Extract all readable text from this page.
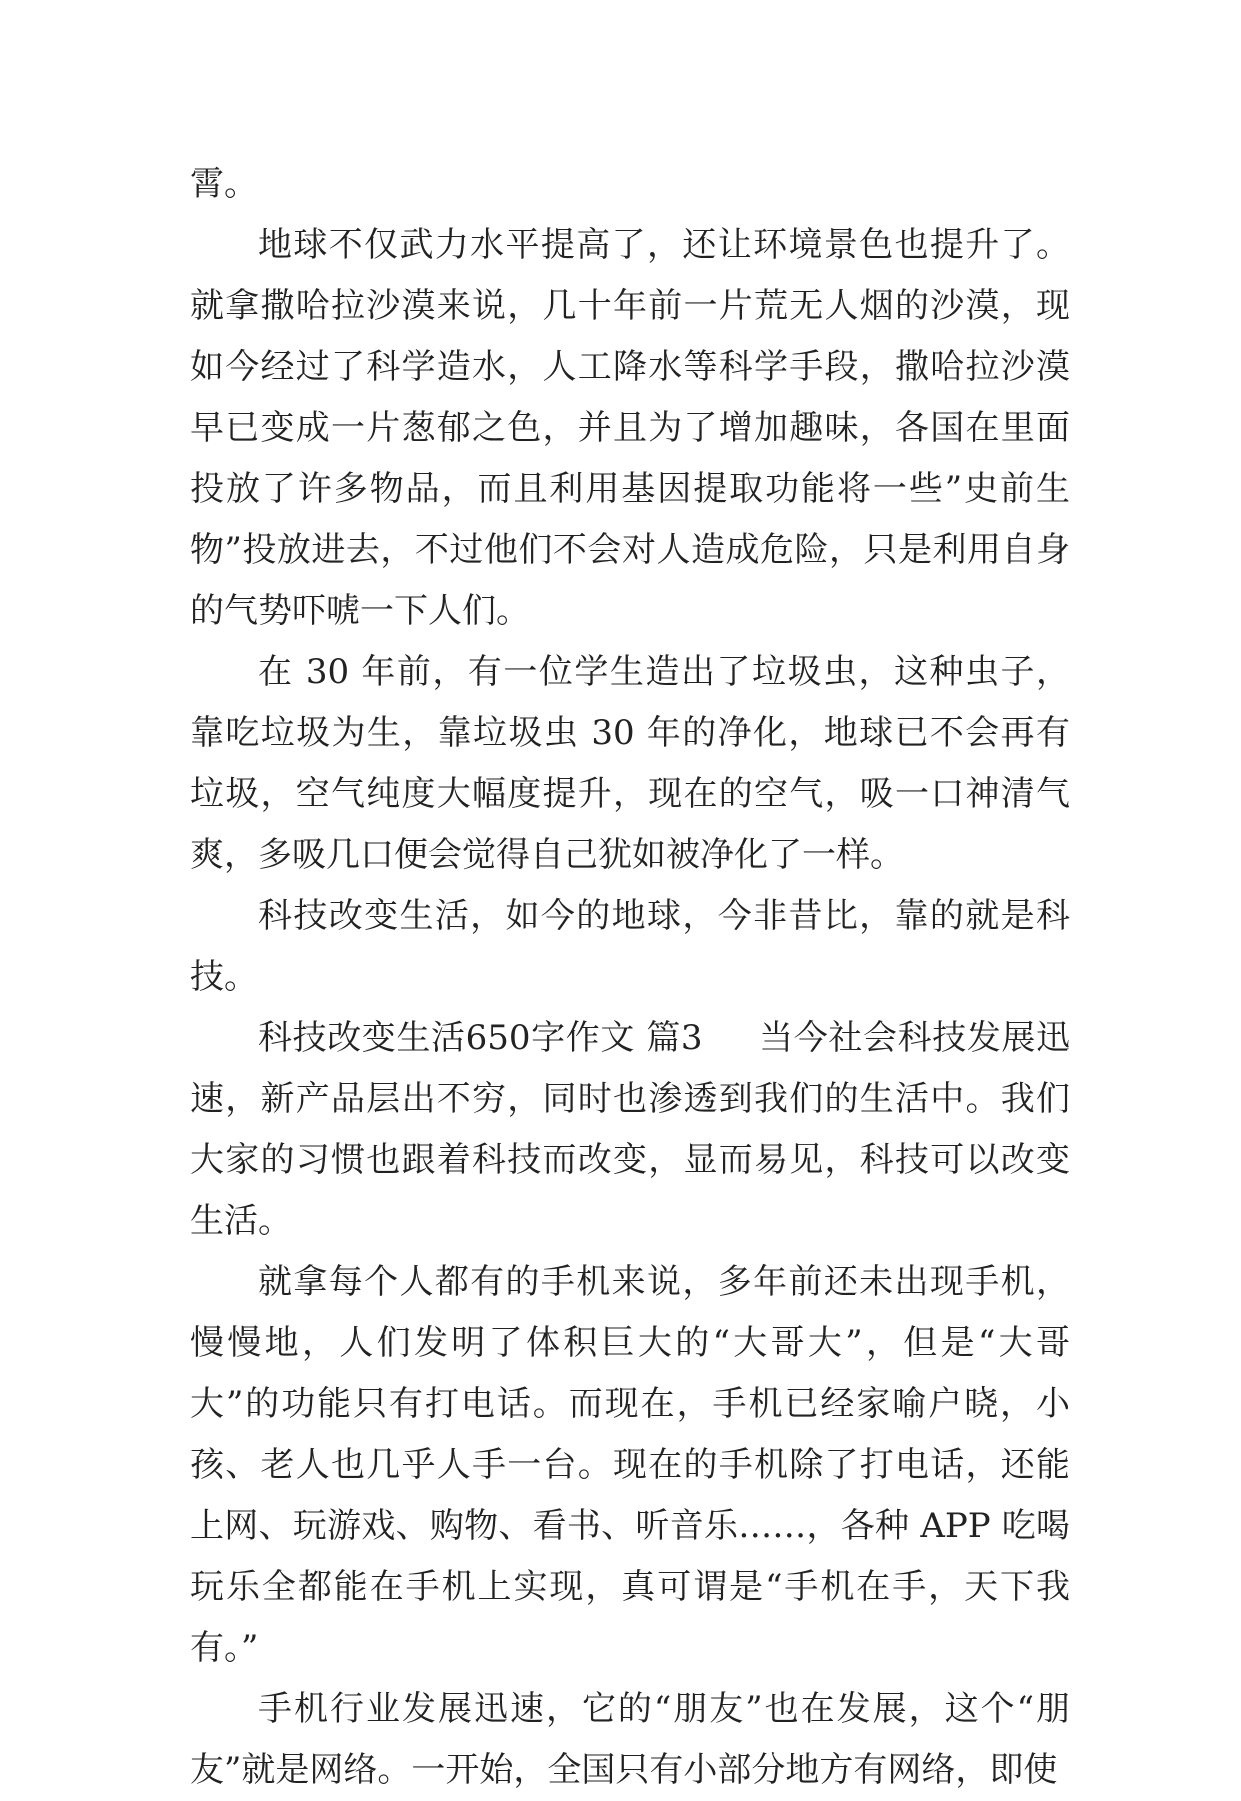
霄。

地球不仅武力水平提高了，还让环境景色也提升了。就拿撒哈拉沙漠来说，几十年前一片荒无人烟的沙漠，现如今经过了科学造水，人工降水等科学手段，撒哈拉沙漠早已变成一片葱郁之色，并且为了增加趣味，各国在里面投放了许多物品，而且利用基因提取功能将一些”史前生物”投放进去，不过他们不会对人造成危险，只是利用自身的气势吓唬一下人们。

在 30 年前，有一位学生造出了垃圾虫，这种虫子，靠吃垃圾为生，靠垃圾虫 30 年的净化，地球已不会再有垃圾，空气纯度大幅度提升，现在的空气，吸一口神清气爽，多吸几口便会觉得自己犹如被净化了一样。

科技改变生活，如今的地球，今非昔比，靠的就是科技。

科技改变生活650字作文 篇3 当今社会科技发展迅速，新产品层出不穷，同时也渗透到我们的生活中。我们大家的习惯也跟着科技而改变，显而易见，科技可以改变生活。

就拿每个人都有的手机来说，多年前还未出现手机，慢慢地，人们发明了体积巨大的“大哥大”，但是“大哥大”的功能只有打电话。而现在，手机已经家喻户晓，小孩、老人也几乎人手一台。现在的手机除了打电话，还能上网、玩游戏、购物、看书、听音乐……，各种 APP 吃喝玩乐全都能在手机上实现，真可谓是“手机在手，天下我有。”

手机行业发展迅速，它的“朋友”也在发展，这个“朋友”就是网络。一开始，全国只有小部分地方有网络，即使
